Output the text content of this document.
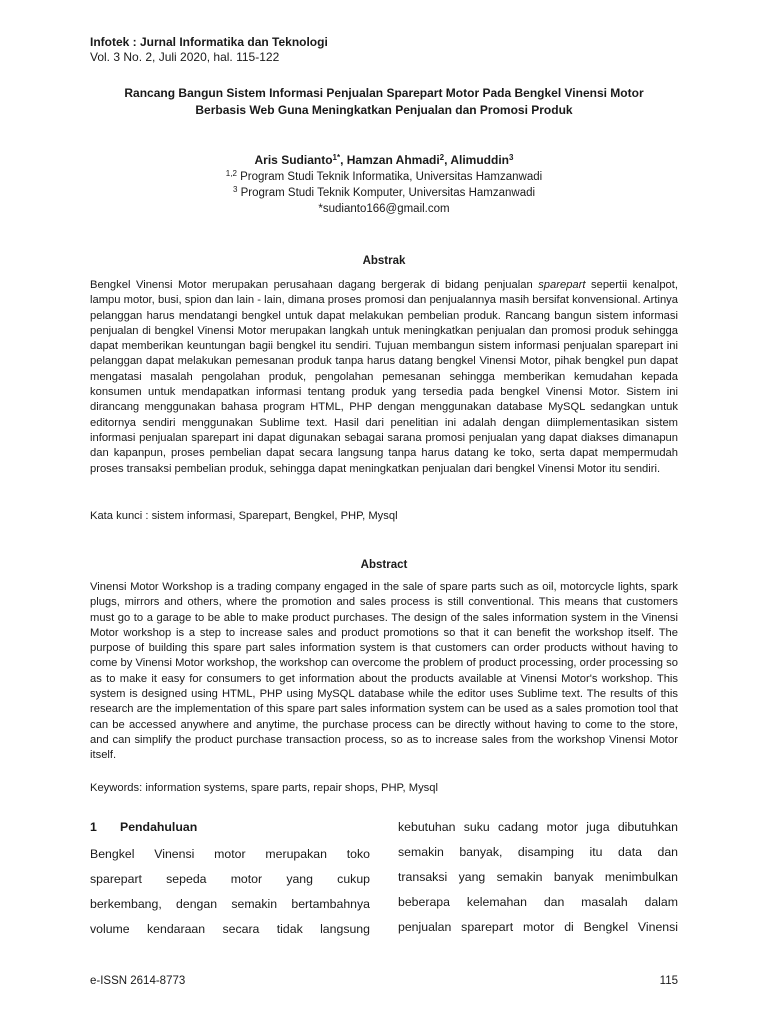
Infotek : Jurnal Informatika dan Teknologi
Vol. 3 No. 2, Juli 2020, hal. 115-122
Rancang Bangun Sistem Informasi Penjualan Sparepart Motor Pada Bengkel Vinensi Motor
Berbasis Web Guna Meningkatkan Penjualan dan Promosi Produk
Aris Sudianto$^{1*}$, Hamzan Ahmadi$^2$, Alimuddin$^3$
$^{1,2}$ Program Studi Teknik Informatika, Universitas Hamzanwadi
$^3$ Program Studi Teknik Komputer, Universitas Hamzanwadi
*sudianto166@gmail.com
Abstrak
Bengkel Vinensi Motor merupakan perusahaan dagang bergerak di bidang penjualan sparepart sepertii kenalpot, lampu motor, busi, spion dan lain - lain, dimana proses promosi dan penjualannya masih bersifat konvensional. Artinya pelanggan harus mendatangi bengkel untuk dapat melakukan pembelian produk. Rancang bangun sistem informasi penjualan di bengkel Vinensi Motor merupakan langkah untuk meningkatkan penjualan dan promosi produk sehingga dapat memberikan keuntungan bagii bengkel itu sendiri. Tujuan membangun sistem informasi penjualan sparepart ini pelanggan dapat melakukan pemesanan produk tanpa harus datang bengkel Vinensi Motor, pihak bengkel pun dapat mengatasi masalah pengolahan produk, pengolahan pemesanan sehingga memberikan kemudahan kepada konsumen untuk mendapatkan informasi tentang produk yang tersedia pada bengkel Vinensi Motor. Sistem ini dirancang menggunakan bahasa program HTML, PHP dengan menggunakan database MySQL sedangkan untuk editornya sendiri menggunakan Sublime text. Hasil dari penelitian ini adalah dengan diimplementasikan sistem informasi penjualan sparepart ini dapat digunakan sebagai sarana promosi penjualan yang dapat diakses dimanapun dan kapanpun, proses pembelian dapat secara langsung tanpa harus datang ke toko, serta dapat mempermudah proses transaksi pembelian produk, sehingga dapat meningkatkan penjualan dari bengkel Vinensi Motor itu sendiri.
Kata kunci : sistem informasi, Sparepart, Bengkel, PHP, Mysql
Abstract
Vinensi Motor Workshop is a trading company engaged in the sale of spare parts such as oil, motorcycle lights, spark plugs, mirrors and others, where the promotion and sales process is still conventional. This means that customers must go to a garage to be able to make product purchases. The design of the sales information system in the Vinensi Motor workshop is a step to increase sales and product promotions so that it can benefit the workshop itself. The purpose of building this spare part sales information system is that customers can order products without having to come by Vinensi Motor workshop, the workshop can overcome the problem of product processing, order processing so as to make it easy for consumers to get information about the products available at Vinensi Motor's workshop. This system is designed using HTML, PHP using MySQL database while the editor uses Sublime text. The results of this research are the implementation of this spare part sales information system can be used as a sales promotion tool that can be accessed anywhere and anytime, the purchase process can be directly without having to come to the store, and can simplify the product purchase transaction process, so as to increase sales from the workshop Vinensi Motor itself.
Keywords: information systems, spare parts, repair shops, PHP, Mysql
1 Pendahuluan

Bengkel Vinensi motor merupakan toko

sparepart sepeda motor yang cukup

berkembang, dengan semakin bertambahnya

volume kendaraan secara tidak langsung

kebutuhan suku cadang motor juga dibutuhkan

semakin banyak, disamping itu data dan

transaksi yang semakin banyak menimbulkan

beberapa kelemahan dan masalah dalam

penjualan sparepart motor di Bengkel Vinensi

e-ISSN 2614-8773	115
